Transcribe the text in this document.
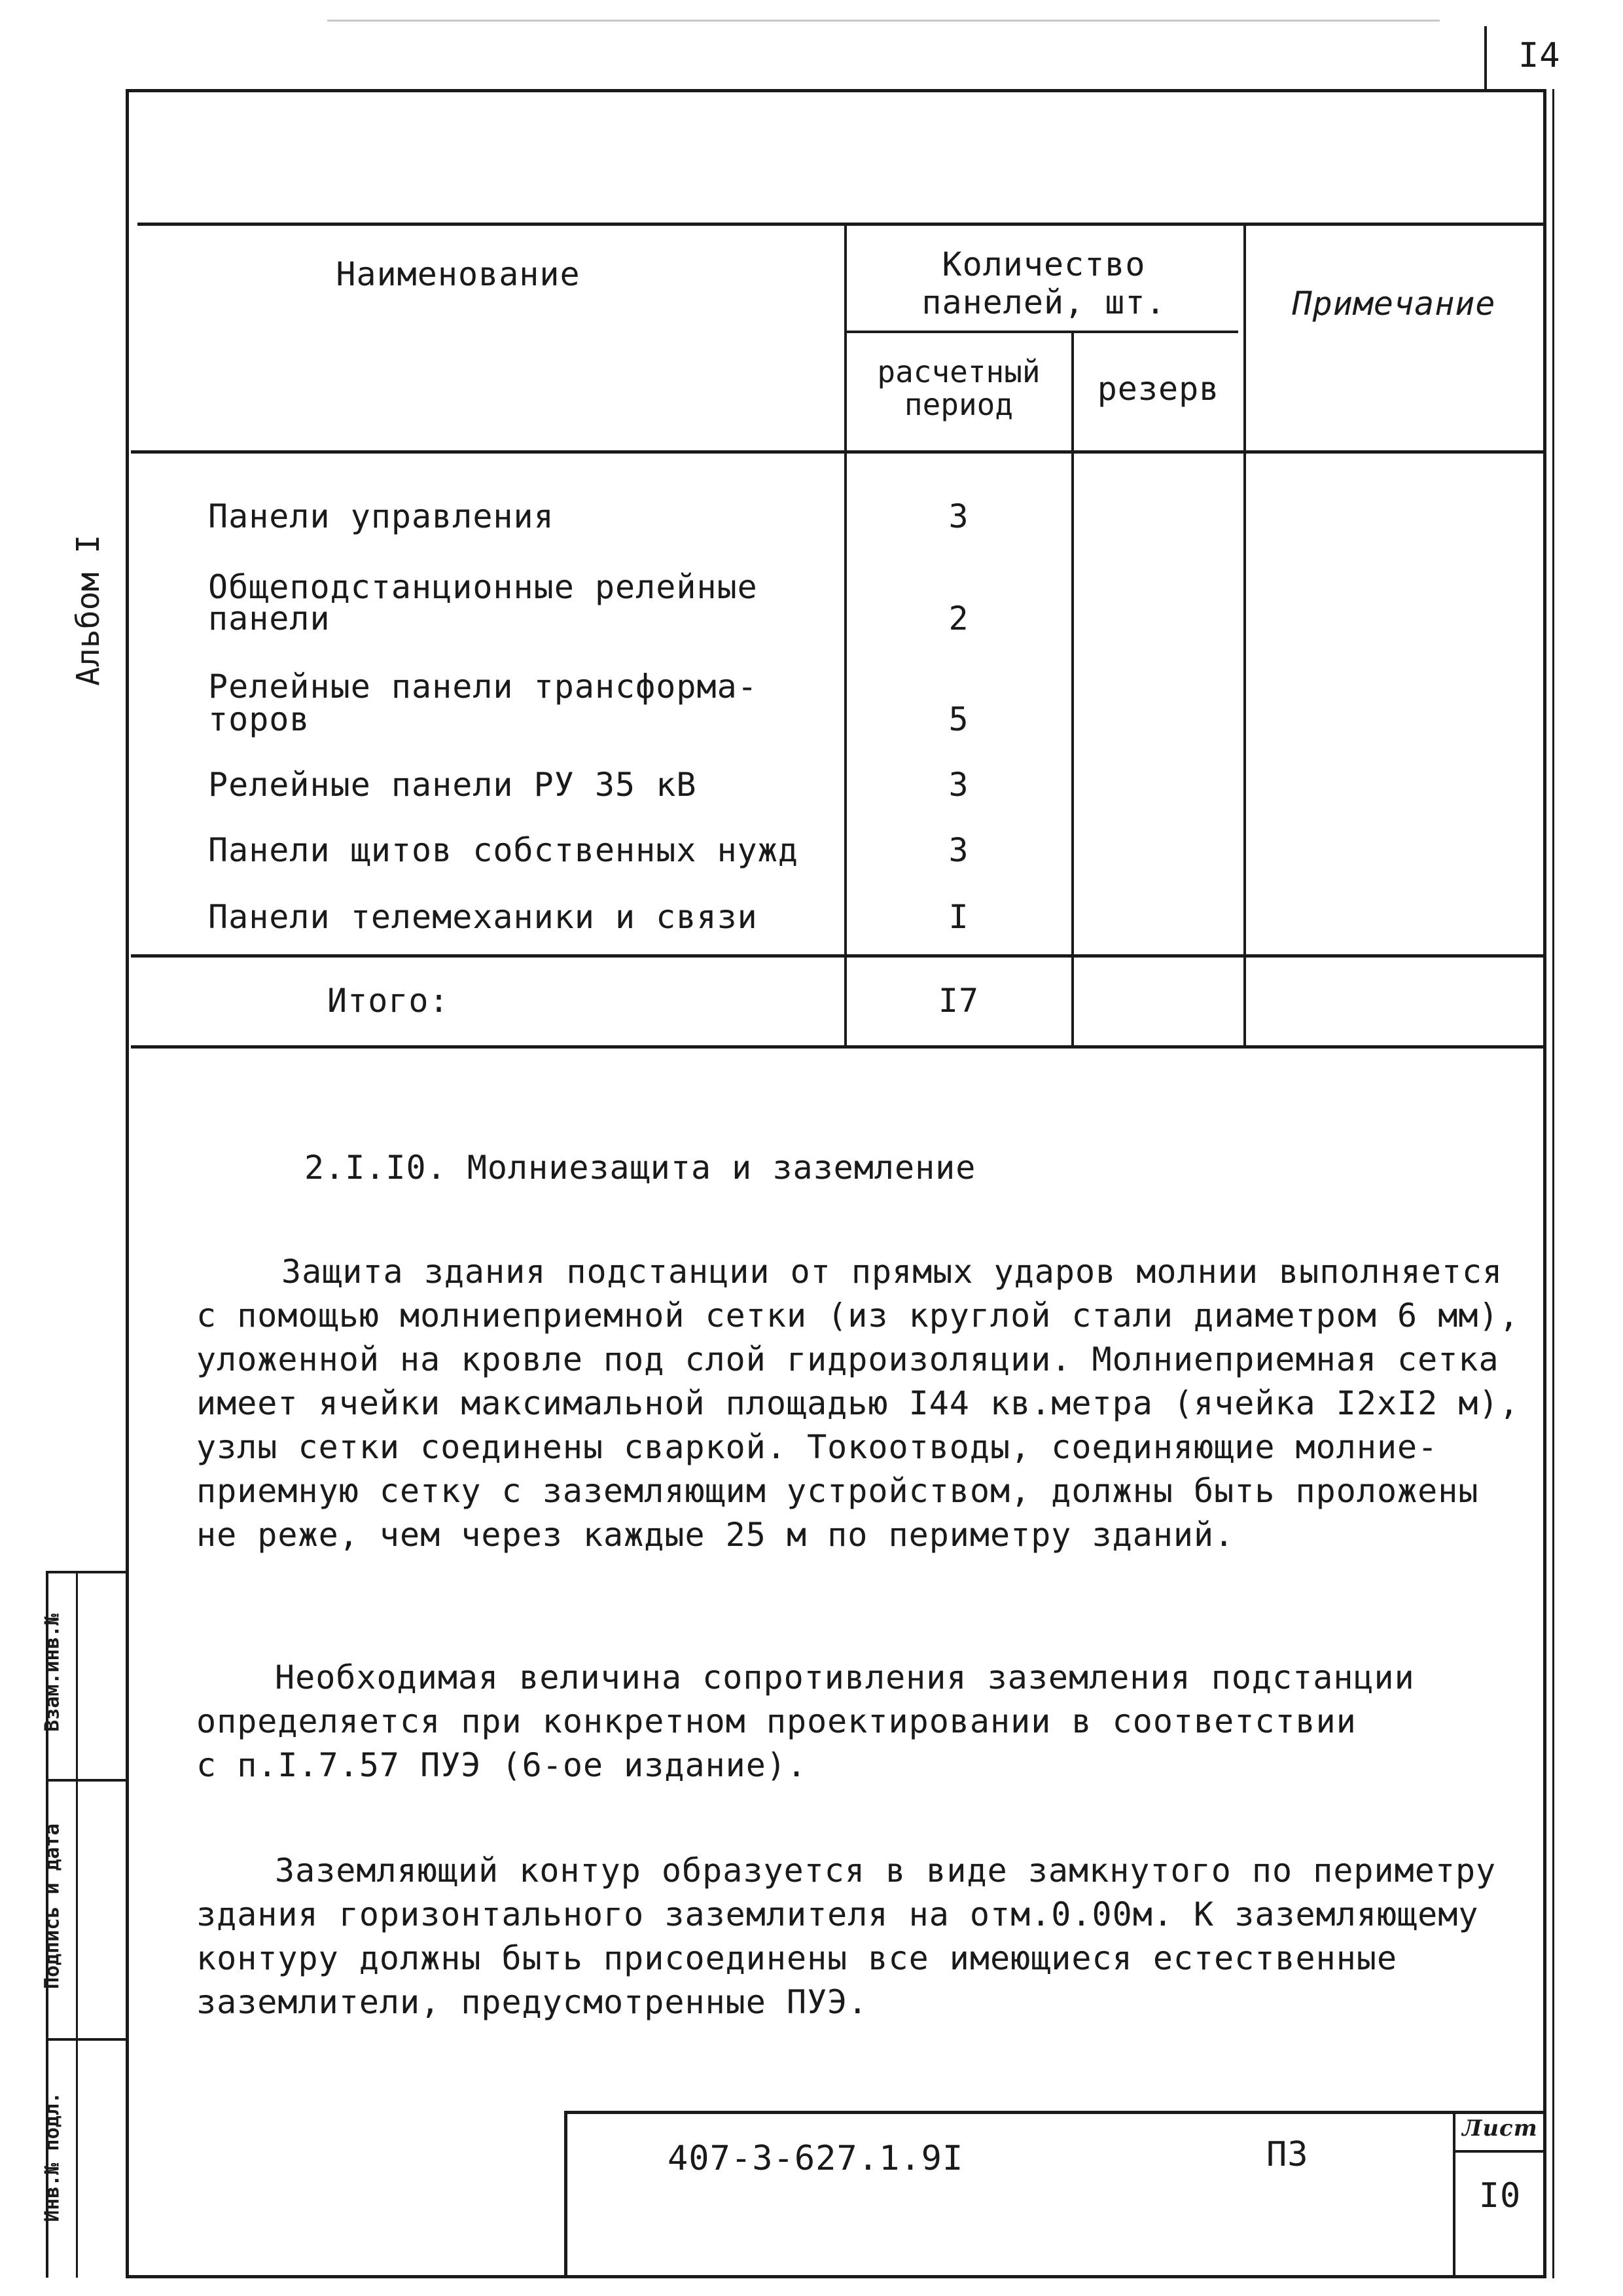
I4
Альбом I
Взам.инв.№
Подпись и дата
Инв.№ подл.
Наименование	Количество панелей, шт.
расчетный период	резерв
Примечание
Панели управления	3
Общеподстанционные релейные
панели	2
Релейные панели трансформа-
торов	5
Релейные панели РУ 35 кВ	3
Панели щитов собственных нужд	3
Панели телемеханики и связи	I
Итого:	I7
2.I.I0. Молниезащита и заземление
Защита здания подстанции от прямых ударов молнии выполняется
с помощью молниеприемной сетки (из круглой стали диаметром 6 мм),
уложенной на кровле под слой гидроизоляции. Молниеприемная сетка
имеет ячейки максимальной площадью I44 кв.метра (ячейка I2xI2 м),
узлы сетки соединены сваркой. Токоотводы, соединяющие молние-
приемную сетку с заземляющим устройством, должны быть проложены
не реже, чем через каждые 25 м по периметру зданий.
Необходимая величина сопротивления заземления подстанции
определяется при конкретном проектировании в соответствии
с п.I.7.57 ПУЭ (6-ое издание).
Заземляющий контур образуется в виде замкнутого по периметру
здания горизонтального заземлителя на отм.0.00м. К заземляющему
контуру должны быть присоединены все имеющиеся естественные
заземлители, предусмотренные ПУЭ.
407-3-627.1.9I	ПЗ
Лист
I0
